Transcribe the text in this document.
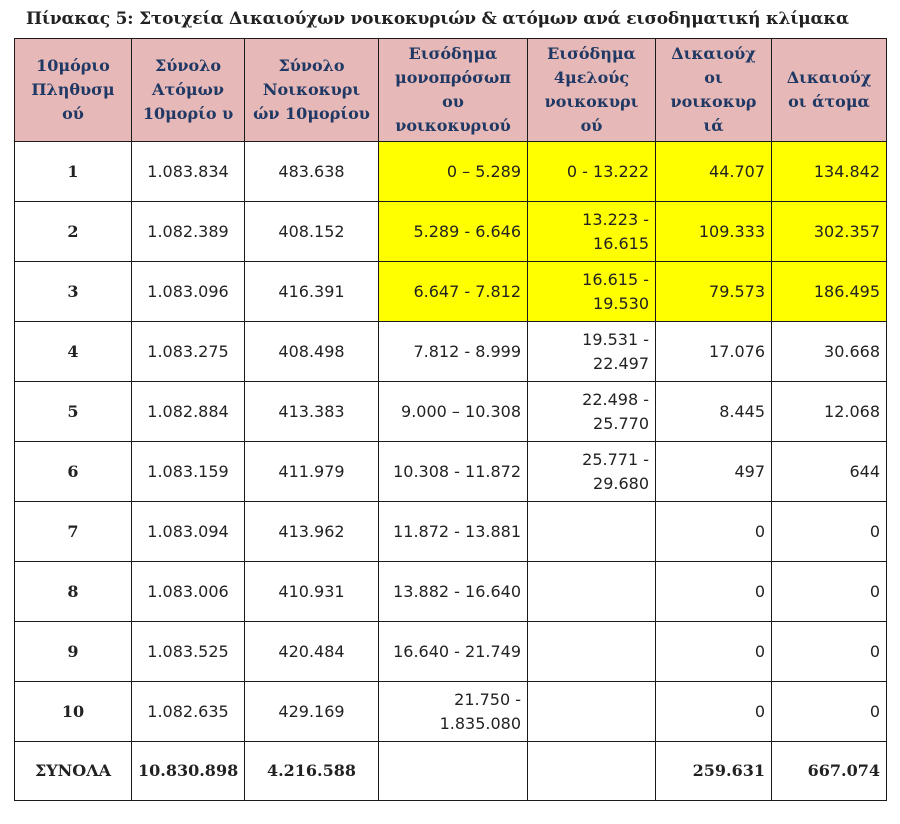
Πίνακας 5: Στοιχεία Δικαιούχων νοικοκυριών & ατόμων ανά εισοδηματική κλίμακα
10μόριο Πληθυσμ ού	Σύνολο Ατόμων 10μορίο υ	Σύνολο Νοικοκυρι ών 10μορίου	Εισόδημα μονοπρόσωπ ου νοικοκυριού	Εισόδημα 4μελούς νοικοκυρι ού	Δικαιούχ οι νοικοκυρ ιά	Δικαιούχ οι άτομα
1	1.083.834	483.638	0 – 5.289	0 - 13.222	44.707	134.842
2	1.082.389	408.152	5.289 - 6.646	13.223 - 16.615	109.333	302.357
3	1.083.096	416.391	6.647 - 7.812	16.615 - 19.530	79.573	186.495
4	1.083.275	408.498	7.812 - 8.999	19.531 - 22.497	17.076	30.668
5	1.082.884	413.383	9.000 – 10.308	22.498 - 25.770	8.445	12.068
6	1.083.159	411.979	10.308 - 11.872	25.771 - 29.680	497	644
7	1.083.094	413.962	11.872 - 13.881		0	0
8	1.083.006	410.931	13.882 - 16.640		0	0
9	1.083.525	420.484	16.640 - 21.749		0	0
10	1.082.635	429.169	21.750 - 1.835.080		0	0
ΣΥΝΟΛΑ	10.830.898	4.216.588			259.631	667.074
